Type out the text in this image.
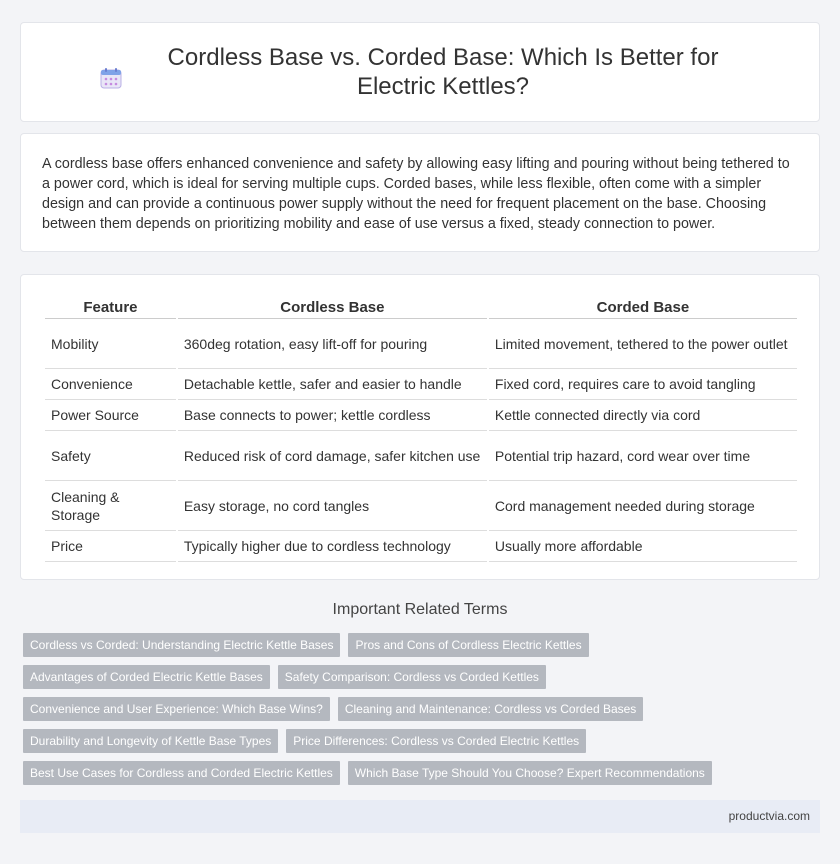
Cordless Base vs. Corded Base: Which Is Better for Electric Kettles?

A cordless base offers enhanced convenience and safety by allowing easy lifting and pouring without being tethered to a power cord, which is ideal for serving multiple cups. Corded bases, while less flexible, often come with a simpler design and can provide a continuous power supply without the need for frequent placement on the base. Choosing between them depends on prioritizing mobility and ease of use versus a fixed, steady connection to power.

Feature	Cordless Base	Corded Base
Mobility	360deg rotation, easy lift-off for pouring	Limited movement, tethered to the power outlet
Convenience	Detachable kettle, safer and easier to handle	Fixed cord, requires care to avoid tangling
Power Source	Base connects to power; kettle cordless	Kettle connected directly via cord
Safety	Reduced risk of cord damage, safer kitchen use	Potential trip hazard, cord wear over time
Cleaning & Storage	Easy storage, no cord tangles	Cord management needed during storage
Price	Typically higher due to cordless technology	Usually more affordable
Important Related Terms
Cordless vs Corded: Understanding Electric Kettle Bases	Pros and Cons of Cordless Electric Kettles
Advantages of Corded Electric Kettle Bases	Safety Comparison: Cordless vs Corded Kettles
Convenience and User Experience: Which Base Wins?	Cleaning and Maintenance: Cordless vs Corded Bases
Durability and Longevity of Kettle Base Types	Price Differences: Cordless vs Corded Electric Kettles
Best Use Cases for Cordless and Corded Electric Kettles	Which Base Type Should You Choose? Expert Recommendations
productvia.com
